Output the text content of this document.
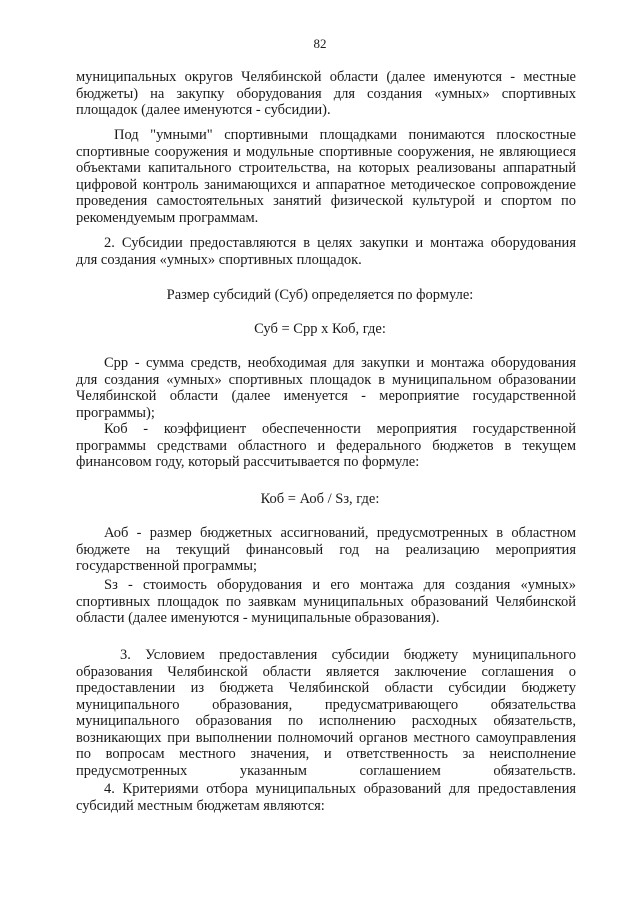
82
муниципальных округов Челябинской области (далее именуются - местные
бюджеты) на закупку оборудования для создания «умных» спортивных
площадок (далее именуются - субсидии).
Под "умными" спортивными площадками понимаются плоскостные
спортивные сооружения и модульные спортивные сооружения, не являющиеся
объектами капитального строительства, на которых реализованы аппаратный
цифровой контроль занимающихся и аппаратное методическое сопровождение
проведения самостоятельных занятий физической культурой и спортом по
рекомендуемым программам.
2. Субсидии предоставляются в целях закупки и монтажа оборудования
для создания «умных» спортивных площадок.
Размер субсидий (Суб) определяется по формуле:
Суб = Срр х Коб, где:
Срр - сумма средств, необходимая для закупки и монтажа оборудования
для создания «умных» спортивных площадок в муниципальном образовании
Челябинской области (далее именуется - мероприятие государственной
программы);
Коб - коэффициент обеспеченности мероприятия государственной
программы средствами областного и федерального бюджетов в текущем
финансовом году, который рассчитывается по формуле:
Коб = Аоб / Sз, где:
Аоб - размер бюджетных ассигнований, предусмотренных в областном
бюджете на текущий финансовый год на реализацию мероприятия
государственной программы;
Sз - стоимость оборудования и его монтажа для создания «умных»
спортивных площадок по заявкам муниципальных образований Челябинской
области (далее именуются - муниципальные образования).
3. Условием предоставления субсидии бюджету муниципального
образования Челябинской области является заключение соглашения о
предоставлении из бюджета Челябинской области субсидии бюджету
муниципального образования, предусматривающего обязательства
муниципального образования по исполнению расходных обязательств,
возникающих при выполнении полномочий органов местного самоуправления
по вопросам местного значения, и ответственность за неисполнение
предусмотренных указанным соглашением обязательств.
4. Критериями отбора муниципальных образований для предоставления
субсидий местным бюджетам являются:
